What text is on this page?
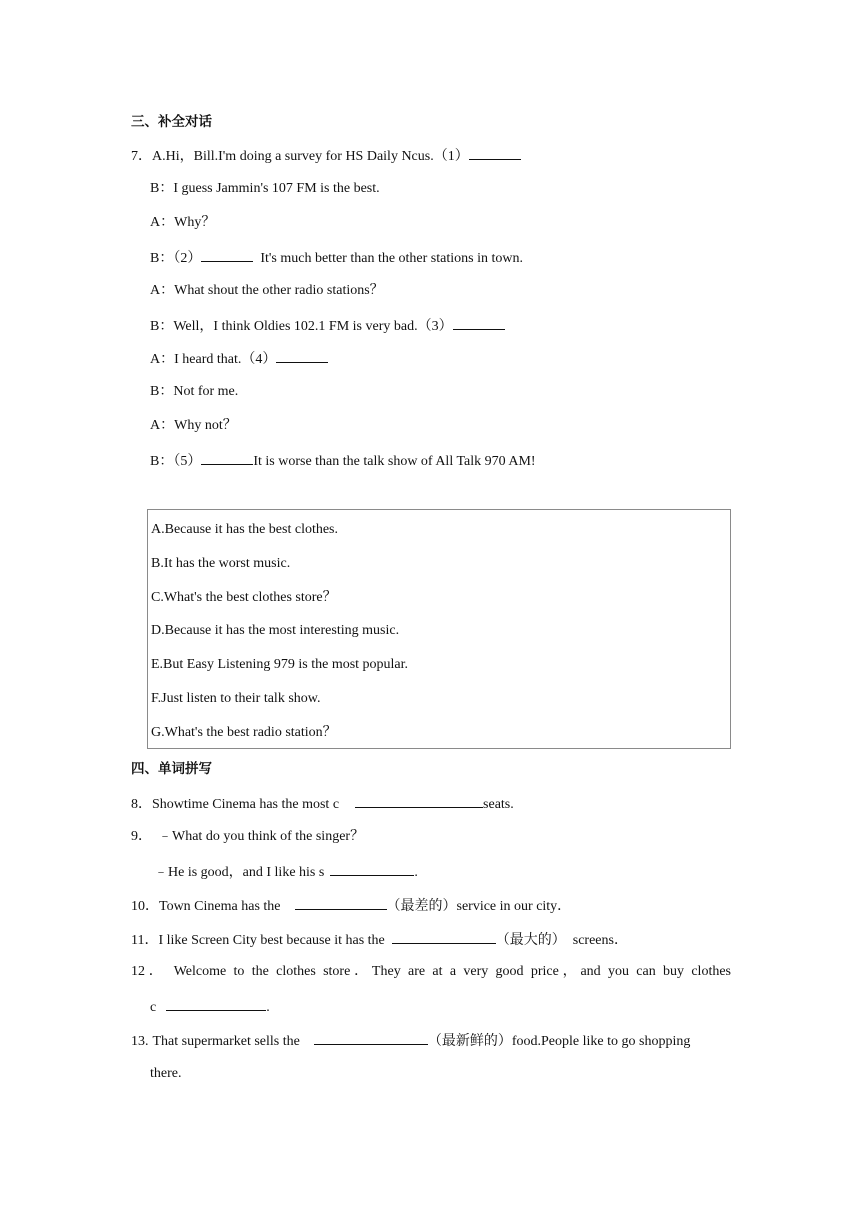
三、补全对话
7．A.Hi，Bill.I'm doing a survey for HS Daily Ncus.（1）
B：I guess Jammin's 107 FM is the best.
A：Why？
B：（2）	It's much better than the other stations in town.
A：What shout the other radio stations？
B：Well，I think Oldies 102.1 FM is very bad.（3）
A：I heard that.（4）
B：Not for me.
A：Why not？
B：（5）	It is worse than the talk show of All Talk 970 AM!
A.Because it has the best clothes.
B.It has the worst music.
C.What's the best clothes store？
D.Because it has the most interesting music.
E.But Easy Listening 979 is the most popular.
F.Just listen to their talk show.
G.What's the best radio station？
四、单词拼写
8．Showtime Cinema has the most c	seats.
9． ﹣What do you think of the singer？
﹣He is good，and I like his s	.
10．Town Cinema has the	（最差的）service in our city．
11．I like Screen City best because it has the	（最大的）  screens．
12． Welcome to the clothes store．They are at a very good price，and you can buy clothes
c	.
13. That supermarket sells the	（最新鲜的）food.People like to go shopping
there.
